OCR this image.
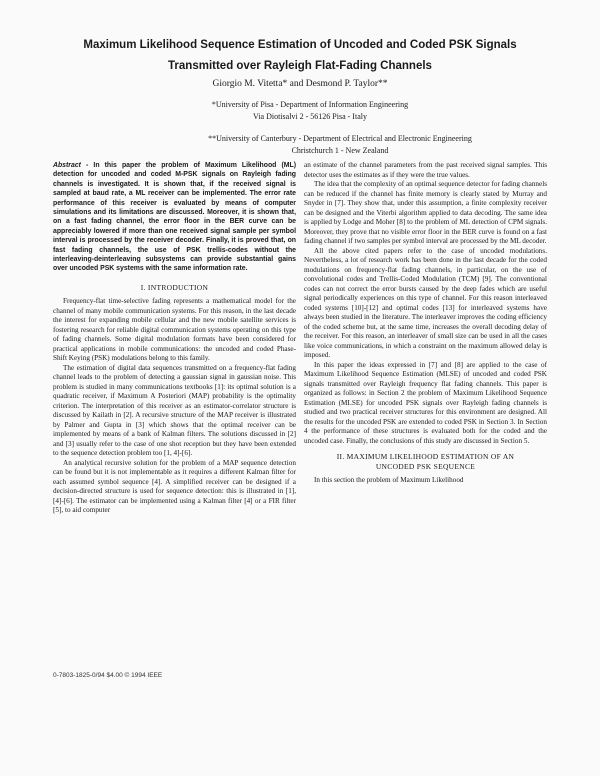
Maximum Likelihood Sequence Estimation of Uncoded and Coded PSK Signals
Transmitted over Rayleigh Flat-Fading Channels
Giorgio M. Vitetta* and Desmond P. Taylor**
*University of Pisa - Department of Information Engineering
Via Diotisalvi 2 - 56126 Pisa - Italy
**University of Canterbury - Department of Electrical and Electronic Engineering
Christchurch 1 - New Zealand

Abstract - In this paper the problem of Maximum Likelihood (ML) detection for uncoded and coded M-PSK signals on Rayleigh fading channels is investigated. It is shown that, if the received signal is sampled at baud rate, a ML receiver can be implemented. The error rate performance of this receiver is evaluated by means of computer simulations and its limitations are discussed. Moreover, it is shown that, on a fast fading channel, the error floor in the BER curve can be appreciably lowered if more than one received signal sample per symbol interval is processed by the receiver decoder. Finally, it is proved that, on fast fading channels, the use of PSK trellis-codes without the interleaving-deinterleaving subsystems can provide substantial gains over uncoded PSK systems with the same information rate.

I. INTRODUCTION

Frequency-flat time-selective fading represents a mathematical model for the channel of many mobile communication systems. For this reason, in the last decade the interest for expanding mobile cellular and the new mobile satellite services is fostering research for reliable digital communication systems operating on this type of fading channels. Some digital modulation formats have been considered for practical applications in mobile communications: the uncoded and coded Phase-Shift Keying (PSK) modulations belong to this family.

The estimation of digital data sequences transmitted on a frequency-flat fading channel leads to the problem of detecting a gaussian signal in gaussian noise. This problem is studied in many communications textbooks [1]: its optimal solution is a quadratic receiver, if Maximum A Posteriori (MAP) probability is the optimality criterion. The interpretation of this receiver as an estimator-correlator structure is discussed by Kailath in [2]. A recursive structure of the MAP receiver is illustrated by Palmer and Gupta in [3] which shows that the optimal receiver can be implemented by means of a bank of Kalman filters. The solutions discussed in [2] and [3] usually refer to the case of one shot reception but they have been extended to the sequence detection problem too [1, 4]-[6].

An analytical recursive solution for the problem of a MAP sequence detection can be found but it is not implementable as it requires a different Kalman filter for each assumed symbol sequence [4]. A simplified receiver can be designed if a decision-directed structure is used for sequence detection: this is illustrated in [1], [4]-[6]. The estimator can be implemented using a Kalman filter [4] or a FIR filter [5], to aid computer

an estimate of the channel parameters from the past received signal samples. This detector uses the estimates as if they were the true values.

The idea that the complexity of an optimal sequence detector for fading channels can be reduced if the channel has finite memory is clearly stated by Murray and Snyder in [7]. They show that, under this assumption, a finite complexity receiver can be designed and the Viterbi algorithm applied to data decoding. The same idea is applied by Lodge and Moher [8] to the problem of ML detection of CPM signals. Moreover, they prove that no visible error floor in the BER curve is found on a fast fading channel if two samples per symbol interval are processed by the ML decoder.

All the above cited papers refer to the case of uncoded modulations. Nevertheless, a lot of research work has been done in the last decade for the coded modulations on frequency-flat fading channels, in particular, on the use of convolutional codes and Trellis-Coded Modulation (TCM) [9]. The conventional codes can not correct the error bursts caused by the deep fades which are useful signal periodically experiences on this type of channel. For this reason interleaved coded systems [10]-[12] and optimal codes [13] for interleaved systems have always been studied in the literature. The interleaver improves the coding efficiency of the coded scheme but, at the same time, increases the overall decoding delay of the receiver. For this reason, an interleaver of small size can be used in all the cases like voice communications, in which a constraint on the maximum allowed delay is imposed.

In this paper the ideas expressed in [7] and [8] are applied to the case of Maximum Likelihood Sequence Estimation (MLSE) of uncoded and coded PSK signals transmitted over Rayleigh frequency flat fading channels. This paper is organized as follows: in Section 2 the problem of Maximum Likelihood Sequence Estimation (MLSE) for uncoded PSK signals over Rayleigh fading channels is studied and two practical receiver structures for this environment are designed. All the results for the uncoded PSK are extended to coded PSK in Section 3. In Section 4 the performance of these structures is evaluated both for the coded and the uncoded case. Finally, the conclusions of this study are discussed in Section 5.

II. MAXIMUM LIKELIHOOD ESTIMATION OF AN
UNCODED PSK SEQUENCE

In this section the problem of Maximum Likelihood

0-7803-1825-0/94 $4.00 © 1994 IEEE
